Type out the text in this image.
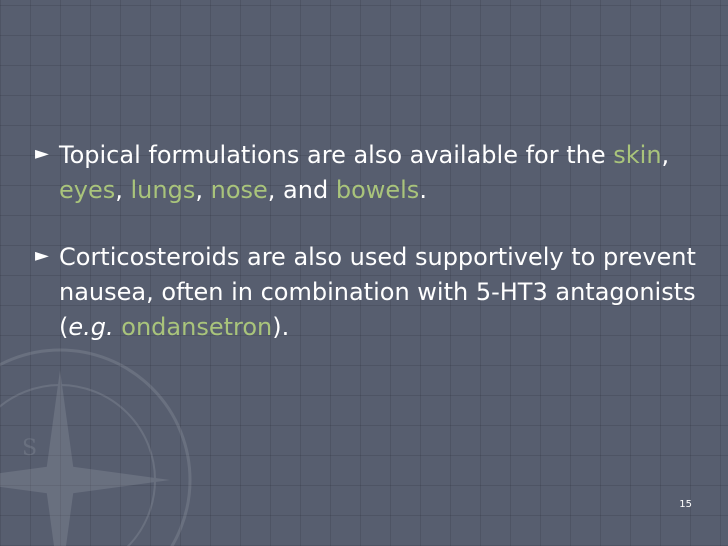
S
► Topical formulations are also available for the skin, eyes, lungs, nose, and bowels.
► Corticosteroids are also used supportively to prevent nausea, often in combination with 5-HT3 antagonists (e.g. ondansetron).
15
